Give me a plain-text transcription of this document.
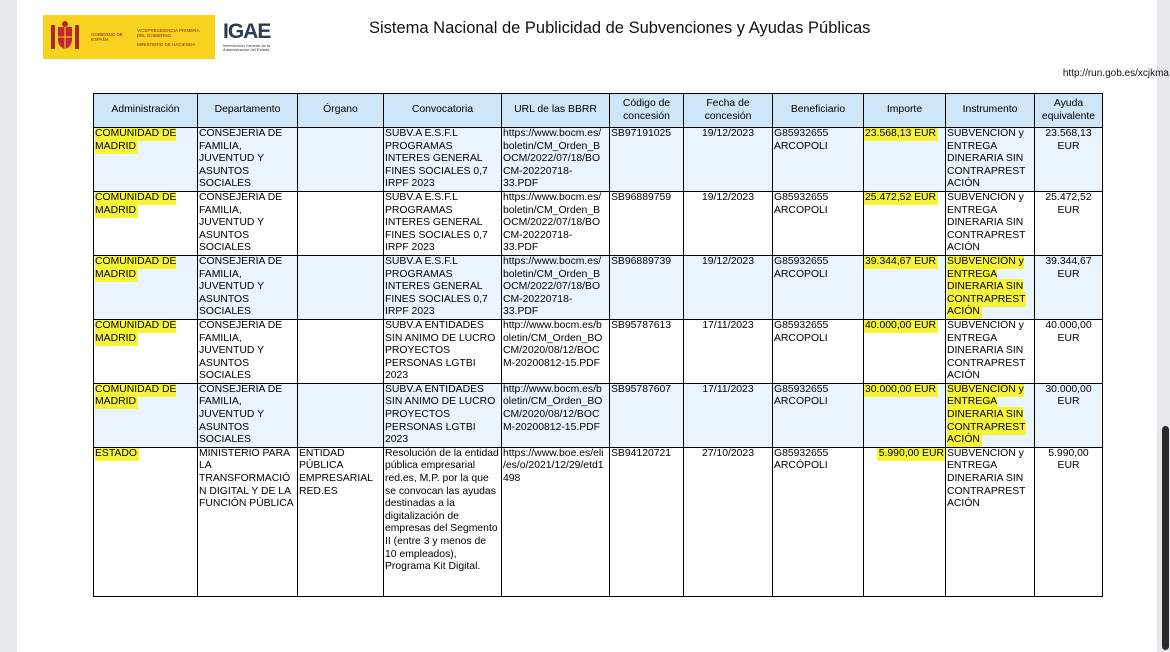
GOBIERNO DE ESPAÑA
VICEPRESIDENCIA PRIMERA DEL GOBIERNO
MINISTERIO DE HACIENDA
IGAE
Intervención General de la Administración del Estado
Sistema Nacional de Publicidad de Subvenciones y Ayudas Públicas
http://run.gob.es/xcjkma
Administración	Departamento	Órgano	Convocatoria	URL de las BBRR	Código de concesión	Fecha de concesión	Beneficiario	Importe	Instrumento	Ayuda equivalente

COMUNIDAD DE MADRID	CONSEJERÍA DE FAMILIA, JUVENTUD Y ASUNTOS SOCIALES		SUBV.A E.S.F.L PROGRAMAS INTERES GENERAL FINES SOCIALES 0,7 IRPF 2023	https://www.bocm.es/ boletin/CM_Orden_B OCM/2022/07/18/BO CM-20220718- 33.PDF	SB97191025	19/12/2023	G85932655 ARCOPOLI	23.568,13 EUR	SUBVENCIÓN y ENTREGA DINERARIA SIN CONTRAPREST ACIÓN	23.568,13 EUR

COMUNIDAD DE MADRID	CONSEJERÍA DE FAMILIA, JUVENTUD Y ASUNTOS SOCIALES		SUBV.A E.S.F.L PROGRAMAS INTERES GENERAL FINES SOCIALES 0,7 IRPF 2023	https://www.bocm.es/ boletin/CM_Orden_B OCM/2022/07/18/BO CM-20220718- 33.PDF	SB96889759	19/12/2023	G85932655 ARCOPOLI	25.472,52 EUR	SUBVENCIÓN y ENTREGA DINERARIA SIN CONTRAPREST ACIÓN	25.472,52 EUR

COMUNIDAD DE MADRID	CONSEJERÍA DE FAMILIA, JUVENTUD Y ASUNTOS SOCIALES		SUBV.A E.S.F.L PROGRAMAS INTERES GENERAL FINES SOCIALES 0,7 IRPF 2023	https://www.bocm.es/ boletin/CM_Orden_B OCM/2022/07/18/BO CM-20220718- 33.PDF	SB96889739	19/12/2023	G85932655 ARCOPOLI	39.344,67 EUR	SUBVENCIÓN y ENTREGA DINERARIA SIN CONTRAPREST ACIÓN	39.344,67 EUR

COMUNIDAD DE MADRID	CONSEJERÍA DE FAMILIA, JUVENTUD Y ASUNTOS SOCIALES		SUBV.A ENTIDADES SIN ANIMO DE LUCRO PROYECTOS PERSONAS LGTBI 2023	http://www.bocm.es/b oletin/CM_Orden_BO CM/2020/08/12/BOC M-20200812-15.PDF	SB95787613	17/11/2023	G85932655 ARCOPOLI	40.000,00 EUR	SUBVENCIÓN y ENTREGA DINERARIA SIN CONTRAPREST ACIÓN	40.000,00 EUR

COMUNIDAD DE MADRID	CONSEJERÍA DE FAMILIA, JUVENTUD Y ASUNTOS SOCIALES		SUBV.A ENTIDADES SIN ANIMO DE LUCRO PROYECTOS PERSONAS LGTBI 2023	http://www.bocm.es/b oletin/CM_Orden_BO CM/2020/08/12/BOC M-20200812-15.PDF	SB95787607	17/11/2023	G85932655 ARCOPOLI	30.000,00 EUR	SUBVENCIÓN y ENTREGA DINERARIA SIN CONTRAPREST ACIÓN	30.000,00 EUR

ESTADO	MINISTERIO PARA LA TRANSFORMACIÓ N DIGITAL Y DE LA FUNCIÓN PÚBLICA	ENTIDAD PÚBLICA EMPRESARIAL RED.ES	Resolución de la entidad pública empresarial red.es, M.P. por la que se convocan las ayudas destinadas a la digitalización de empresas del Segmento II (entre 3 y menos de 10 empleados), Programa Kit Digital.	https://www.boe.es/eli /es/o/2021/12/29/etd1 498	SB94120721	27/10/2023	G85932655 ARCÓPOLI	5.990,00 EUR	SUBVENCIÓN y ENTREGA DINERARIA SIN CONTRAPREST ACIÓN	5.990,00 EUR
